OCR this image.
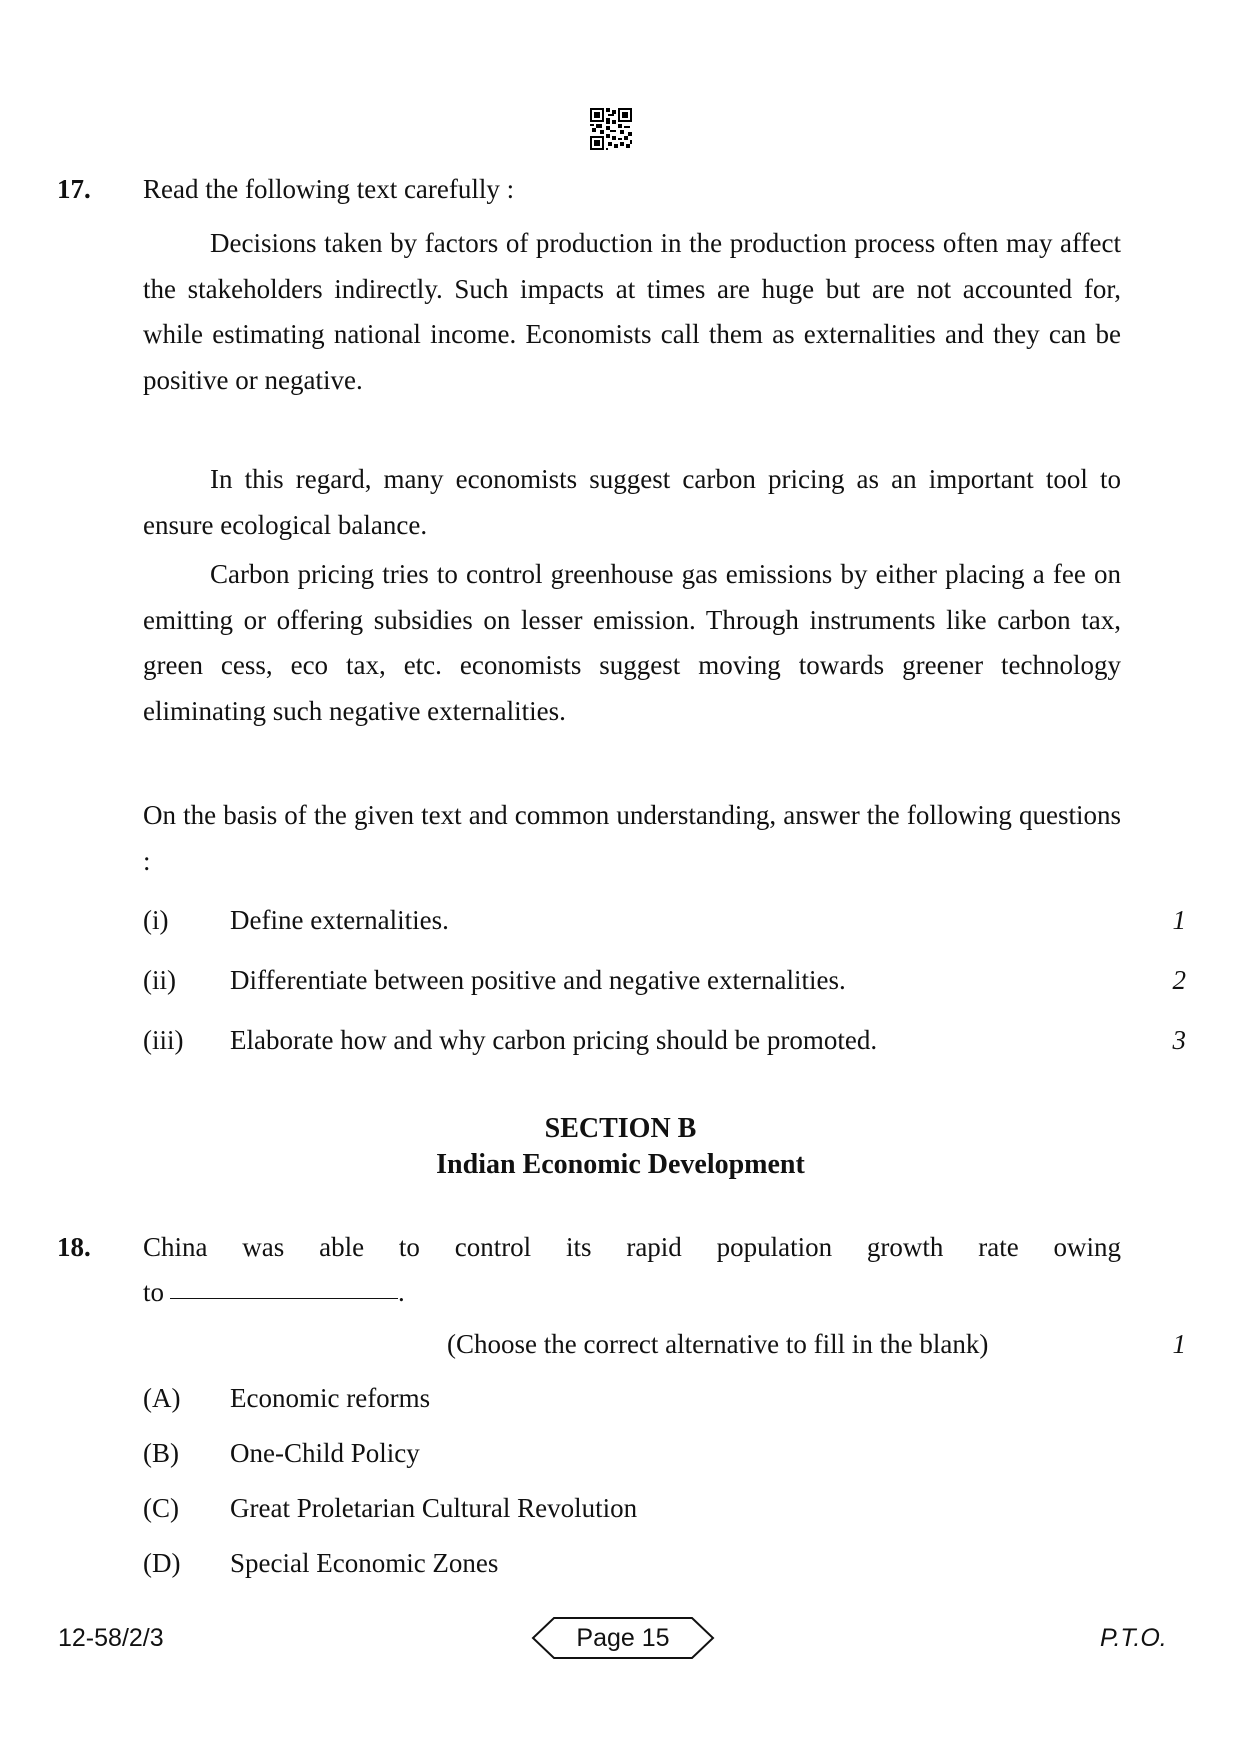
17. Read the following text carefully :
Decisions taken by factors of production in the production process often may affect the stakeholders indirectly. Such impacts at times are huge but are not accounted for, while estimating national income. Economists call them as externalities and they can be positive or negative.
In this regard, many economists suggest carbon pricing as an important tool to ensure ecological balance.
Carbon pricing tries to control greenhouse gas emissions by either placing a fee on emitting or offering subsidies on lesser emission. Through instruments like carbon tax, green cess, eco tax, etc. economists suggest moving towards greener technology eliminating such negative externalities.
On the basis of the given text and common understanding, answer the following questions :
(i) Define externalities.	1
(ii) Differentiate between positive and negative externalities.	2
(iii) Elaborate how and why carbon pricing should be promoted.	3
SECTION B
Indian Economic Development
18. China was able to control its rapid population growth rate owing
to	.
(Choose the correct alternative to fill in the blank)	1
(A) Economic reforms
(B) One-Child Policy
(C) Great Proletarian Cultural Revolution
(D) Special Economic Zones
12-58/2/3	Page 15	P.T.O.
